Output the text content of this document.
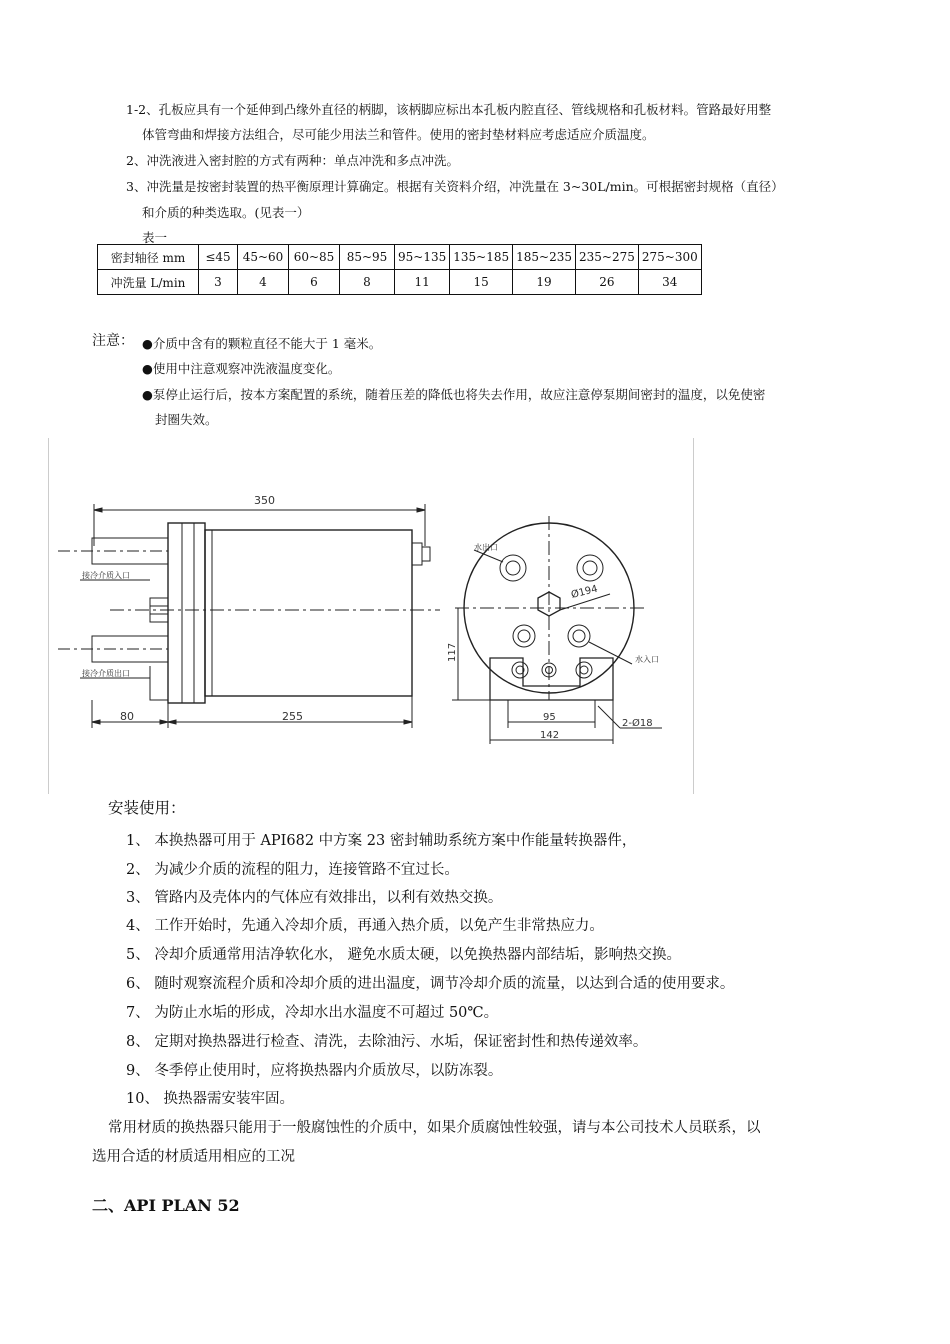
1-2、孔板应具有一个延伸到凸缘外直径的柄脚，该柄脚应标出本孔板内腔直径、管线规格和孔板材料。管路最好用整
体管弯曲和焊接方法组合，尽可能少用法兰和管件。使用的密封垫材料应考虑适应介质温度。
2、冲洗液进入密封腔的方式有两种：单点冲洗和多点冲洗。
3、冲洗量是按密封装置的热平衡原理计算确定。根据有关资料介绍，冲洗量在 3~30L/min。可根据密封规格（直径）
和介质的种类选取。(见表一）
表一
密封轴径 mm	≤45	45~60	60~85	85~95	95~135	135~185	185~235	235~275	275~300
冲洗量 L/min	3	4	6	8	11	15	19	26	34
注意： ●介质中含有的颗粒直径不能大于 1 毫米。
●使用中注意观察冲洗液温度变化。
●泵停止运行后，按本方案配置的系统，随着压差的降低也将失去作用，故应注意停泵期间密封的温度，以免使密
封圈失效。
350
接冷介质入口
接冷介质出口
80	255	95
142
2-Ø18
117
Ø194
水出口
水入口
安装使用：
1、 本换热器可用于 API682 中方案 23 密封辅助系统方案中作能量转换器件，
2、 为减少介质的流程的阻力，连接管路不宜过长。
3、 管路内及壳体内的气体应有效排出，以利有效热交换。
4、 工作开始时，先通入冷却介质，再通入热介质，以免产生非常热应力。
5、 冷却介质通常用洁净软化水， 避免水质太硬，以免换热器内部结垢，影响热交换。
6、 随时观察流程介质和冷却介质的进出温度，调节冷却介质的流量，以达到合适的使用要求。
7、 为防止水垢的形成，冷却水出水温度不可超过 50℃。
8、 定期对换热器进行检查、清洗，去除油污、水垢，保证密封性和热传递效率。
9、 冬季停止使用时，应将换热器内介质放尽，以防冻裂。
10、 换热器需安装牢固。
常用材质的换热器只能用于一般腐蚀性的介质中，如果介质腐蚀性较强，请与本公司技术人员联系，以
选用合适的材质适用相应的工况
二、API PLAN 52
